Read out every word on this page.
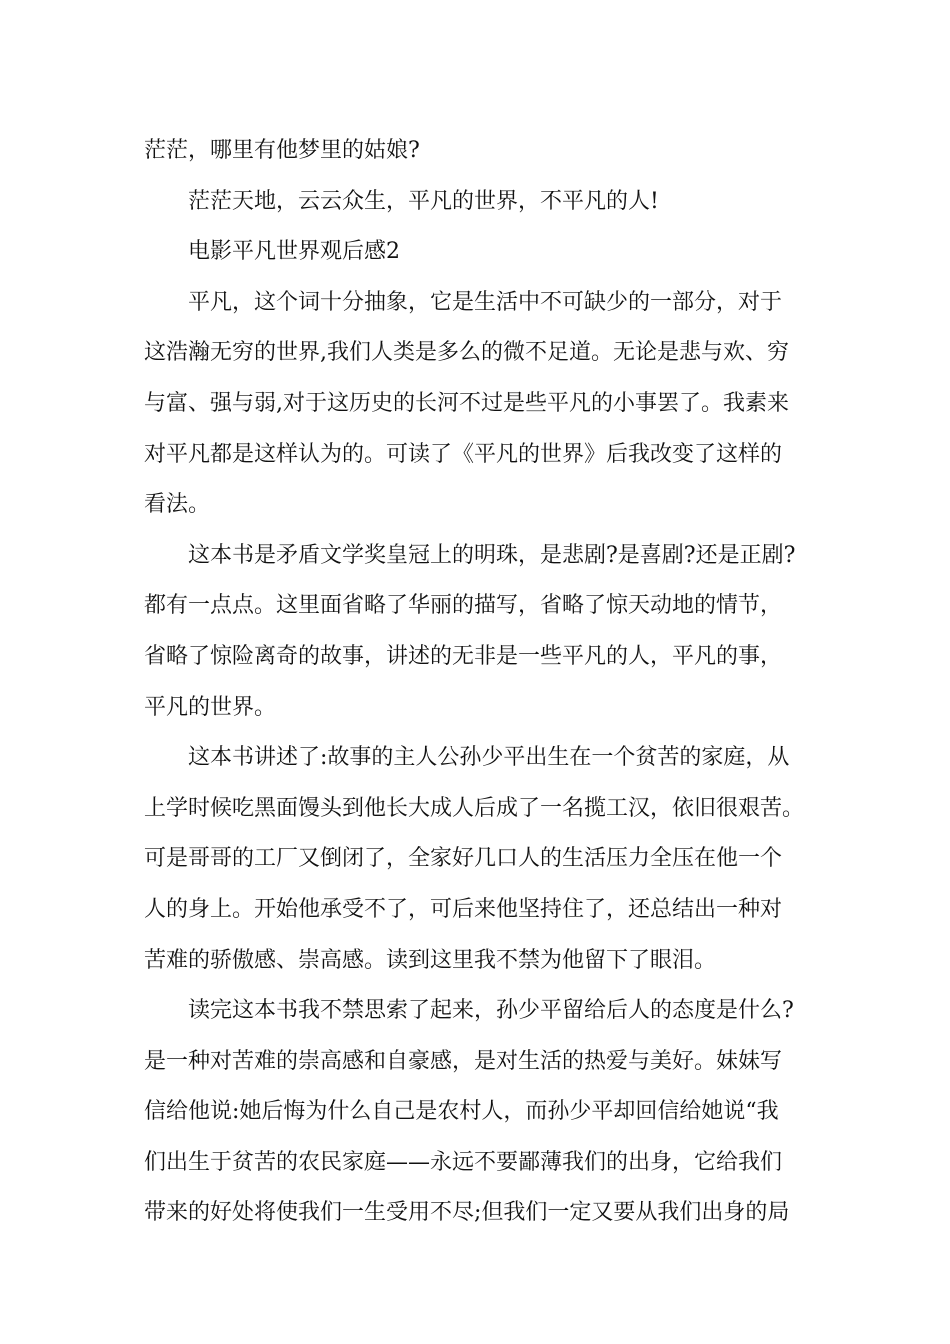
茫茫，哪里有他梦里的姑娘?
茫茫天地，云云众生，平凡的世界，不平凡的人!
电影平凡世界观后感2
平凡，这个词十分抽象，它是生活中不可缺少的一部分，对于
这浩瀚无穷的世界,我们人类是多么的微不足道。无论是悲与欢、穷
与富、强与弱,对于这历史的长河不过是些平凡的小事罢了。我素来
对平凡都是这样认为的。可读了《平凡的世界》后我改变了这样的
看法。
这本书是矛盾文学奖皇冠上的明珠，是悲剧?是喜剧?还是正剧?
都有一点点。这里面省略了华丽的描写，省略了惊天动地的情节，
省略了惊险离奇的故事，讲述的无非是一些平凡的人，平凡的事，
平凡的世界。
这本书讲述了:故事的主人公孙少平出生在一个贫苦的家庭，从
上学时候吃黑面馒头到他长大成人后成了一名揽工汉，依旧很艰苦。
可是哥哥的工厂又倒闭了，全家好几口人的生活压力全压在他一个
人的身上。开始他承受不了，可后来他坚持住了，还总结出一种对
苦难的骄傲感、崇高感。读到这里我不禁为他留下了眼泪。
读完这本书我不禁思索了起来，孙少平留给后人的态度是什么?
是一种对苦难的崇高感和自豪感，是对生活的热爱与美好。妹妹写
信给他说:她后悔为什么自己是农村人，而孙少平却回信给她说“我
们出生于贫苦的农民家庭——永远不要鄙薄我们的出身，它给我们
带来的好处将使我们一生受用不尽;但我们一定又要从我们出身的局
